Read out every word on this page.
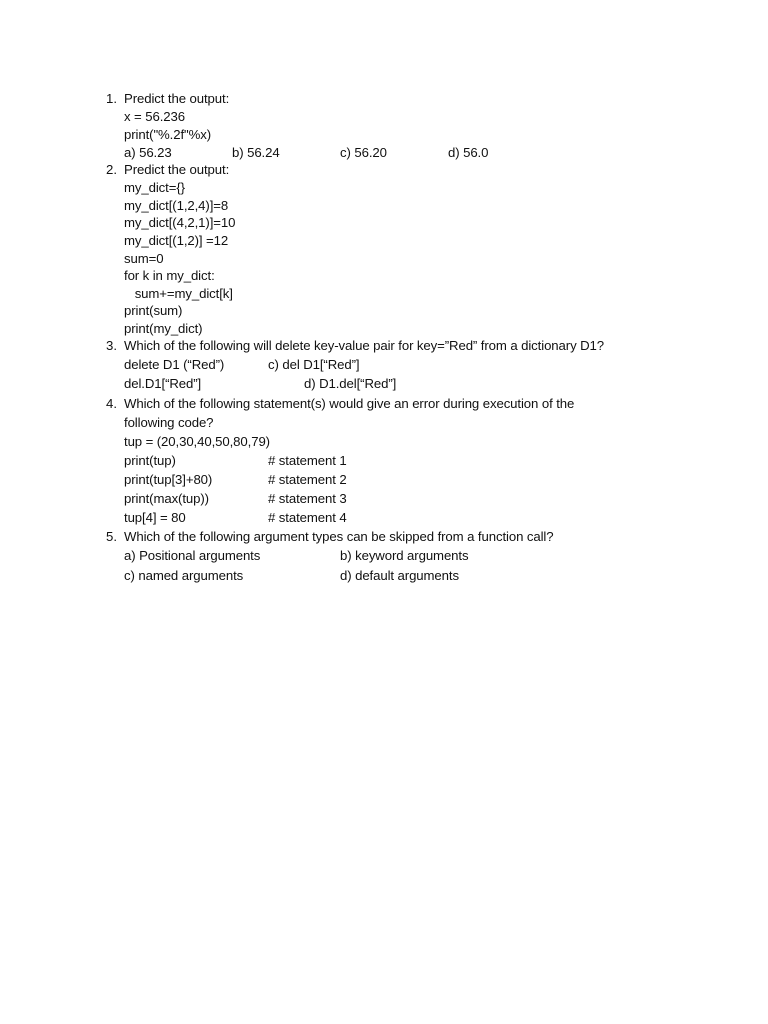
1. Predict the output:
x = 56.236
print("%.2f"%x)
a) 56.23	b) 56.24	c) 56.20	d) 56.0
2. Predict the output:
my_dict={}
my_dict[(1,2,4)]=8
my_dict[(4,2,1)]=10
my_dict[(1,2)] =12
sum=0
for k in my_dict:
sum+=my_dict[k]
print(sum)
print(my_dict)
3. Which of the following will delete key-value pair for key=”Red” from a dictionary D1?
delete D1 (“Red”)	c) del D1[“Red”]
del.D1[“Red”]	d) D1.del[“Red”]
4. Which of the following statement(s) would give an error during execution of the
following code?
tup = (20,30,40,50,80,79)
print(tup)	# statement 1
print(tup[3]+80)	# statement 2
print(max(tup))	# statement 3
tup[4] = 80	# statement 4
5. Which of the following argument types can be skipped from a function call?
a) Positional arguments	b) keyword arguments
c) named arguments	d) default arguments
